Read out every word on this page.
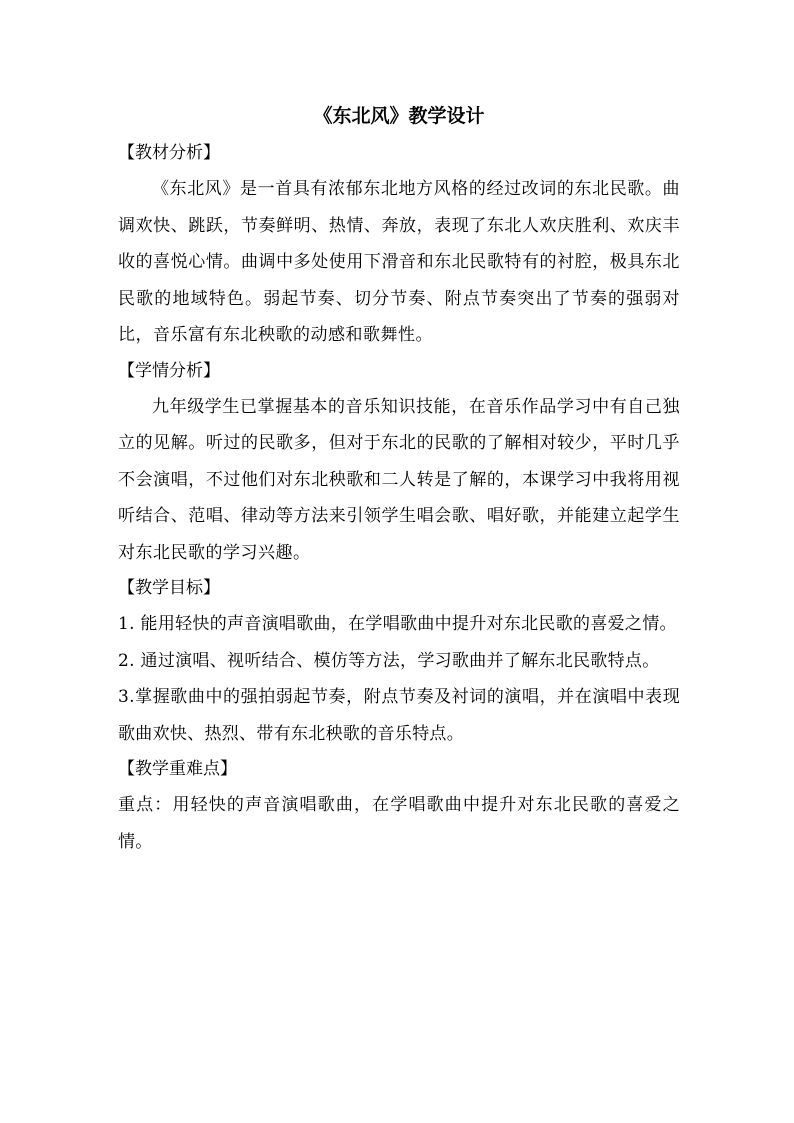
《东北风》教学设计

【教材分析】

《东北风》是一首具有浓郁东北地方风格的经过改词的东北民歌。曲调欢快、跳跃，节奏鲜明、热情、奔放，表现了东北人欢庆胜利、欢庆丰收的喜悦心情。曲调中多处使用下滑音和东北民歌特有的衬腔，极具东北民歌的地域特色。弱起节奏、切分节奏、附点节奏突出了节奏的强弱对比，音乐富有东北秧歌的动感和歌舞性。

【学情分析】

九年级学生已掌握基本的音乐知识技能，在音乐作品学习中有自己独立的见解。听过的民歌多，但对于东北的民歌的了解相对较少，平时几乎不会演唱，不过他们对东北秧歌和二人转是了解的，本课学习中我将用视听结合、范唱、律动等方法来引领学生唱会歌、唱好歌，并能建立起学生对东北民歌的学习兴趣。

【教学目标】

1. 能用轻快的声音演唱歌曲，在学唱歌曲中提升对东北民歌的喜爱之情。

2. 通过演唱、视听结合、模仿等方法，学习歌曲并了解东北民歌特点。

3.掌握歌曲中的强拍弱起节奏，附点节奏及衬词的演唱，并在演唱中表现歌曲欢快、热烈、带有东北秧歌的音乐特点。

【教学重难点】

重点：用轻快的声音演唱歌曲，在学唱歌曲中提升对东北民歌的喜爱之情。
